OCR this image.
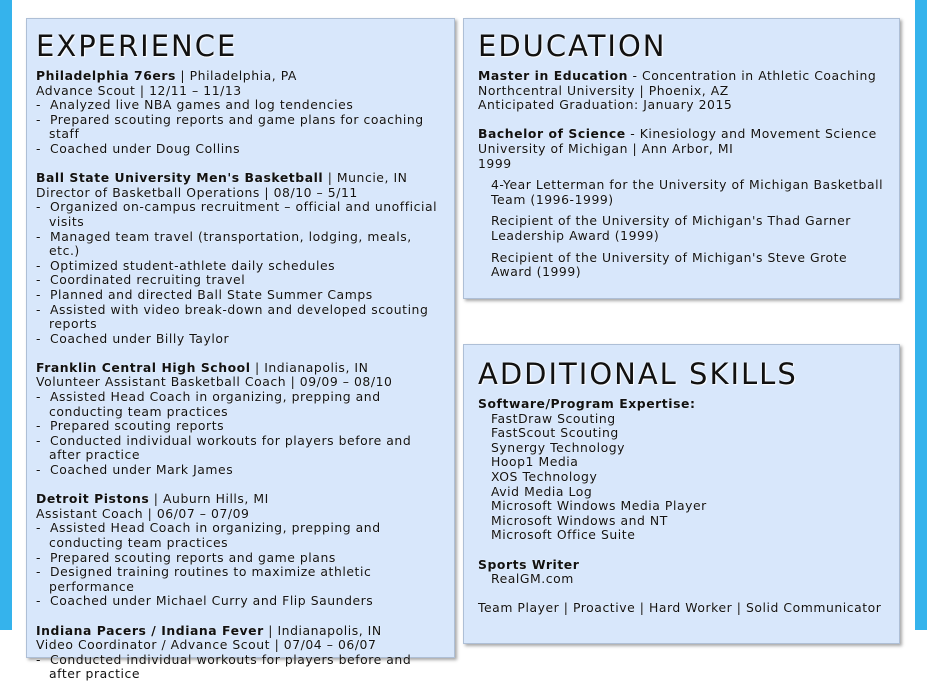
EXPERIENCE
Philadelphia 76ers | Philadelphia, PA
Advance Scout | 12/11 – 11/13
-  Analyzed live NBA games and log tendencies
-  Prepared scouting reports and game plans for coaching staff
-  Coached under Doug Collins
Ball State University Men's Basketball | Muncie, IN
Director of Basketball Operations | 08/10 – 5/11
-  Organized on-campus recruitment – official and unofficial visits
-  Managed team travel (transportation, lodging, meals, etc.)
-  Optimized student-athlete daily schedules
-  Coordinated recruiting travel
-  Planned and directed Ball State Summer Camps
-  Assisted with video break-down and developed scouting reports
-  Coached under Billy Taylor
Franklin Central High School | Indianapolis, IN
Volunteer Assistant Basketball Coach | 09/09 – 08/10
-  Assisted Head Coach in organizing, prepping and conducting team practices
-  Prepared scouting reports
-  Conducted individual workouts for players before and after practice
-  Coached under Mark James
Detroit Pistons | Auburn Hills, MI
Assistant Coach | 06/07 – 07/09
-  Assisted Head Coach in organizing, prepping and conducting team practices
-  Prepared scouting reports and game plans
-  Designed training routines to maximize athletic performance
-  Coached under Michael Curry and Flip Saunders
Indiana Pacers / Indiana Fever | Indianapolis, IN
Video Coordinator / Advance Scout | 07/04 – 06/07
-  Conducted individual workouts for players before and after practice
EDUCATION
Master in Education - Concentration in Athletic Coaching
Northcentral University | Phoenix, AZ
Anticipated Graduation: January 2015
Bachelor of Science - Kinesiology and Movement Science
University of Michigan | Ann Arbor, MI
1999
4-Year Letterman for the University of Michigan Basketball Team (1996-1999)
Recipient of the University of Michigan's Thad Garner Leadership Award (1999)
Recipient of the University of Michigan's Steve Grote Award (1999)
ADDITIONAL SKILLS
Software/Program Expertise:
FastDraw Scouting
FastScout Scouting
Synergy Technology
Hoop1 Media
XOS Technology
Avid Media Log
Microsoft Windows Media Player
Microsoft Windows and NT
Microsoft Office Suite
Sports Writer
RealGM.com
Team Player | Proactive | Hard Worker | Solid Communicator
